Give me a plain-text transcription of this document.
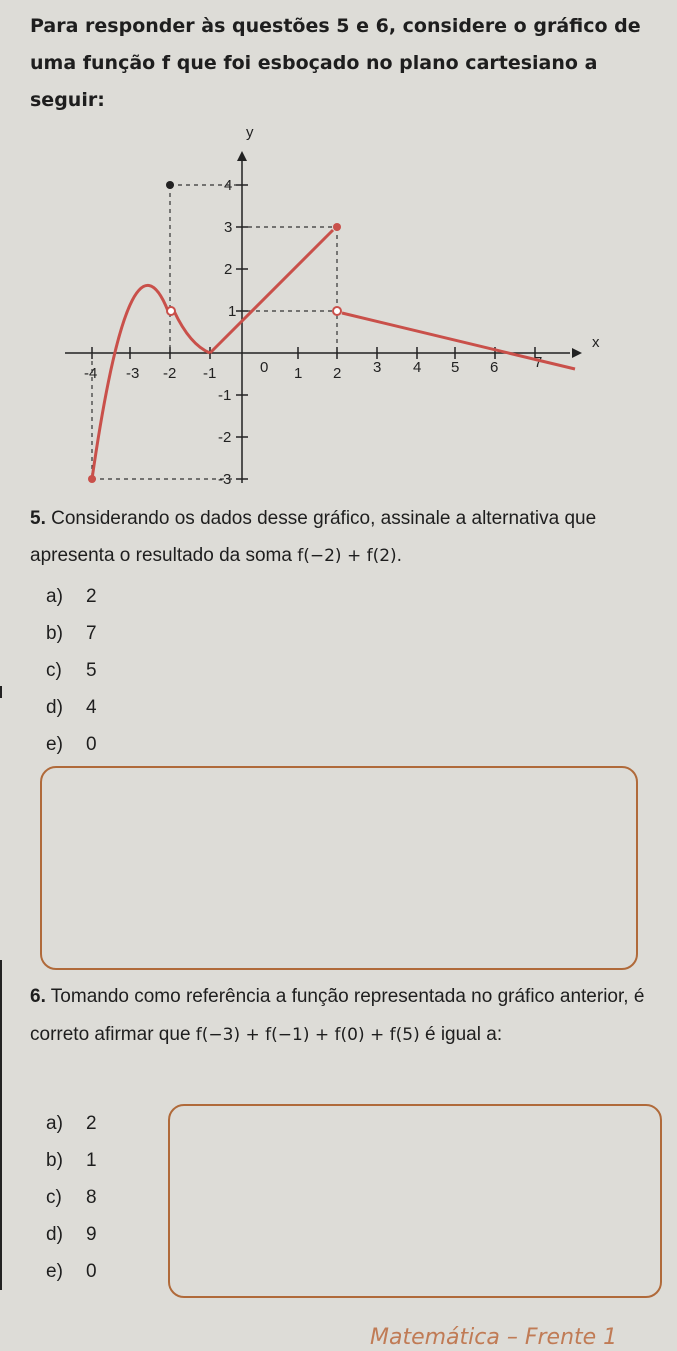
Para responder às questões 5 e 6, considere o gráfico de uma função f que foi esboçado no plano cartesiano a seguir:

x
y
-4 -3 -2 -1	0 1 2 3 4 5 6 7
4
3
2
1
-1
-2
-3

5. Considerando os dados desse gráfico, assinale a alternativa que apresenta o resultado da soma f(−2) + f(2).

a) 2
b) 7
c) 5
d) 4
e) 0

6. Tomando como referência a função representada no gráfico anterior, é correto afirmar que f(−3) + f(−1) + f(0) + f(5) é igual a:

a) 2
b) 1
c) 8
d) 9
e) 0
Matemática – Frente 1
